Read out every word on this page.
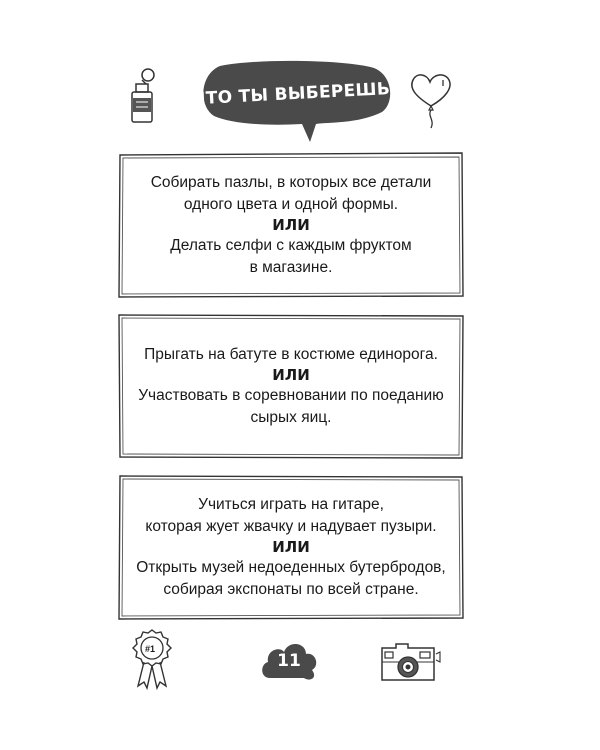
ЧТО ТЫ ВЫБЕРЕШЬ?
Собирать пазлы, в которых все детали
одного цвета и одной формы.
ИЛИ
Делать селфи с каждым фруктом
в магазине.
Прыгать на батуте в костюме единорога.
ИЛИ
Участвовать в соревновании по поеданию
сырых яиц.
Учиться играть на гитаре,
которая жует жвачку и надувает пузыри.
ИЛИ
Открыть музей недоеденных бутербродов,
собирая экспонаты по всей стране.
#1
11
